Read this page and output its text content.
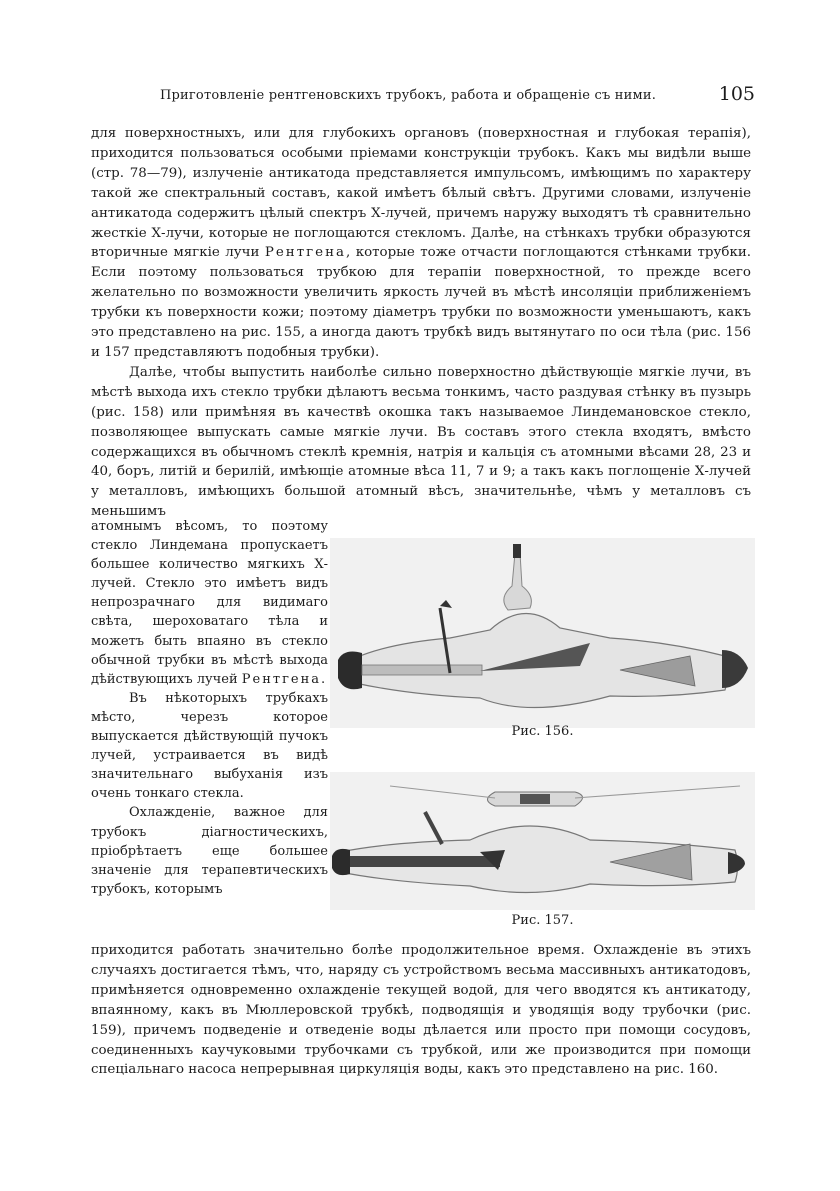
Приготовленіе рентгеновскихъ трубокъ, работа и обращеніе съ ними.	105

для поверхностныхъ, или для глубокихъ органовъ (поверхностная и глубокая терапія), приходится пользоваться особыми пріемами конструкціи трубокъ. Какъ мы видѣли выше (стр. 78—79), излученіе антикатода представляется импульсомъ, имѣющимъ по характеру такой же спектральный составъ, какой имѣетъ бѣлый свѣтъ. Другими словами, излученіе антикатода содержитъ цѣлый спектръ Х-лучей, причемъ наружу выходятъ тѣ сравнительно жесткіе Х-лучи, которые не поглощаются стекломъ. Далѣе, на стѣнкахъ трубки образуются вторичные мягкіе лучи Рентгена, которые тоже отчасти поглощаются стѣнками трубки. Если поэтому пользоваться трубкою для терапіи поверхностной, то прежде всего желательно по возможности увеличить яркость лучей въ мѣстѣ инсоляціи приближеніемъ трубки къ поверхности кожи; поэтому діаметръ трубки по возможности уменьшаютъ, какъ это представлено на рис. 155, а иногда даютъ трубкѣ видъ вытянутаго по оси тѣла (рис. 156 и 157 представляютъ подобныя трубки).

Далѣе, чтобы выпустить наиболѣе сильно поверхностно дѣйствующіе мягкіе лучи, въ мѣстѣ выхода ихъ стекло трубки дѣлаютъ весьма тонкимъ, часто раздувая стѣнку въ пузырь (рис. 158) или примѣняя въ качествѣ окошка такъ называемое Линдемановское стекло, позволяющее выпускать самые мягкіе лучи. Въ составъ этого стекла входятъ, вмѣсто содержащихся въ обычномъ стеклѣ кремнія, натрія и кальція съ атомными вѣсами 28, 23 и 40, боръ, литій и берилій, имѣющіе атомные вѣса 11, 7 и 9; а такъ какъ поглощеніе Х-лучей у металловъ, имѣющихъ большой атомный вѣсъ, значительнѣе, чѣмъ у металловъ съ меньшимъ

атомнымъ вѣсомъ, то поэтому стекло Линдемана пропускаетъ большее количество мягкихъ Х-лучей. Стекло это имѣетъ видъ непрозрачнаго для видимаго свѣта, шероховатаго тѣла и можетъ быть впаяно въ стекло обычной трубки въ мѣстѣ выхода дѣйствующихъ лучей Рентгена.

Въ нѣкоторыхъ трубкахъ мѣсто, черезъ которое выпускается дѣйствующій пучокъ лучей, устраивается въ видѣ значительнаго выбуханія изъ очень тонкаго стекла.

Охлажденіе, важное для трубокъ діагностическихъ, пріобрѣтаетъ еще большее значеніе для терапевтическихъ трубокъ, которымъ

Рис. 156.
Рис. 157.

приходится работать значительно болѣе продолжительное время. Охлажденіе въ этихъ случаяхъ достигается тѣмъ, что, наряду съ устройствомъ весьма массивныхъ антикатодовъ, примѣняется одновременно охлажденіе текущей водой, для чего вводятся къ антикатоду, впаянному, какъ въ Мюллеровской трубкѣ, подводящія и уводящія воду трубочки (рис. 159), причемъ подведеніе и отведеніе воды дѣлается или просто при помощи сосудовъ, соединенныхъ каучуковыми трубочками съ трубкой, или же производится при помощи спеціальнаго насоса непрерывная циркуляція воды, какъ это представлено на рис. 160.
